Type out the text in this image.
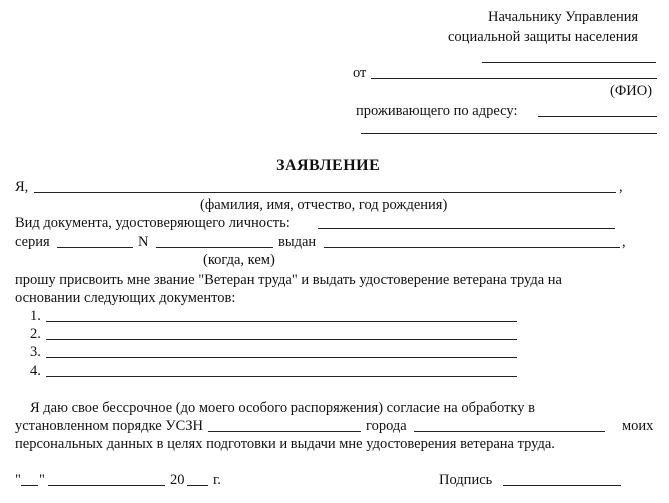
Начальнику Управления
социальной защиты населения
от
(ФИО)
проживающего по адресу:
ЗАЯВЛЕНИЕ
Я,	,
(фамилия, имя, отчество, год рождения)
Вид документа, удостоверяющего личность:
серия	N	выдан	,
(когда, кем)
прошу присвоить мне звание "Ветеран труда" и выдать удостоверение ветерана труда на
основании следующих документов:
1.
2.
3.
4.
Я даю свое бессрочное (до моего особого распоряжения) согласие на обработку в
установленном порядке УСЗН	города	моих
персональных данных в целях подготовки и выдачи мне удостоверения ветерана труда.
" "	20 г.	Подпись
